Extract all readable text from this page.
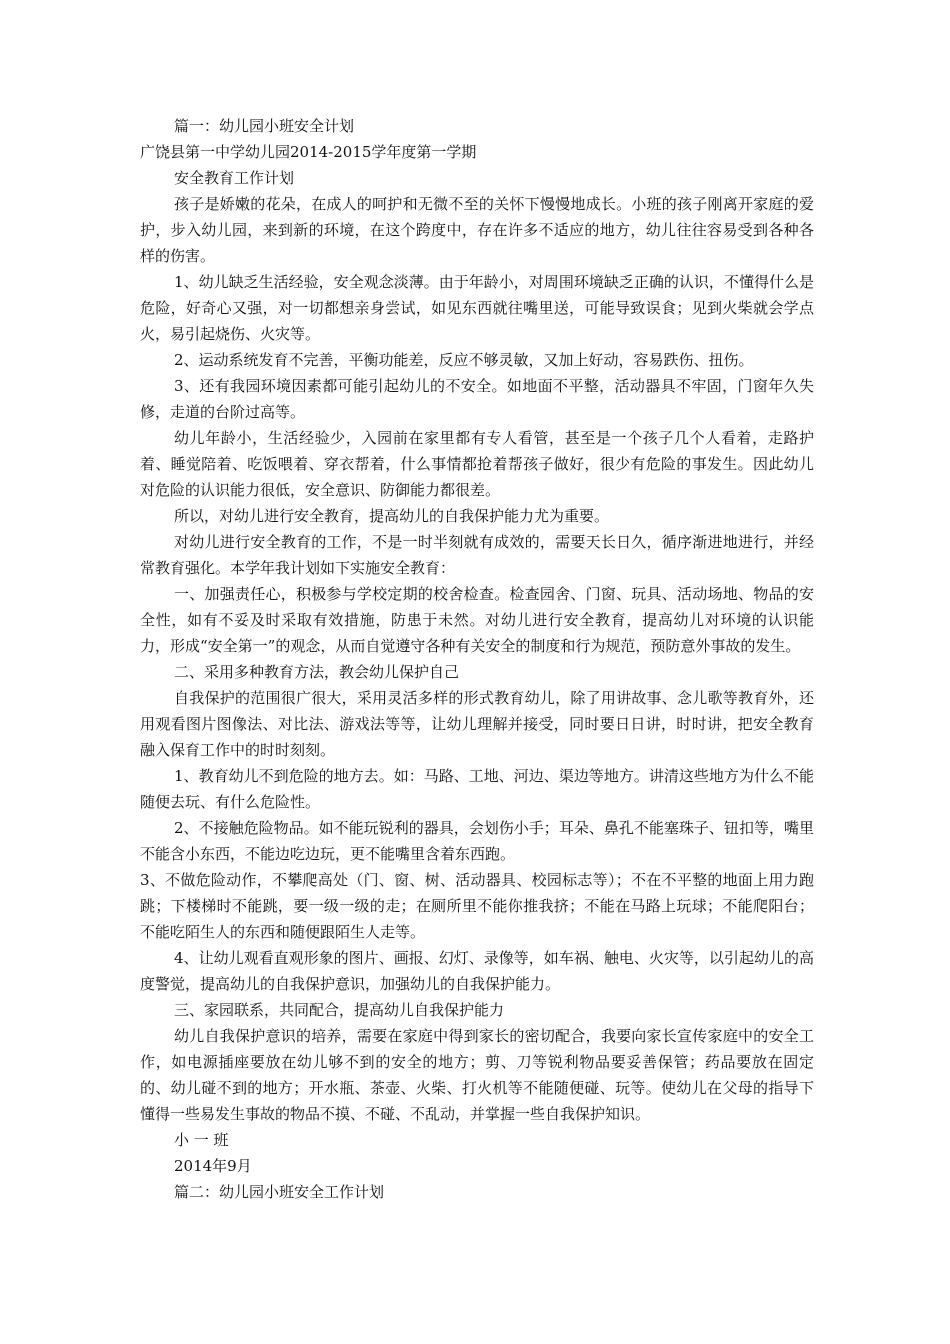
篇一：幼儿园小班安全计划

广饶县第一中学幼儿园2014-2015学年度第一学期

安全教育工作计划

孩子是娇嫩的花朵，在成人的呵护和无微不至的关怀下慢慢地成长。小班的孩子刚离开家庭的爱护，步入幼儿园，来到新的环境，在这个跨度中，存在许多不适应的地方，幼儿往往容易受到各种各样的伤害。

1、幼儿缺乏生活经验，安全观念淡薄。由于年龄小，对周围环境缺乏正确的认识，不懂得什么是危险，好奇心又强，对一切都想亲身尝试，如见东西就往嘴里送，可能导致误食；见到火柴就会学点火，易引起烧伤、火灾等。

2、运动系统发育不完善，平衡功能差，反应不够灵敏，又加上好动，容易跌伤、扭伤。

3、还有我园环境因素都可能引起幼儿的不安全。如地面不平整，活动器具不牢固，门窗年久失修，走道的台阶过高等。

幼儿年龄小，生活经验少，入园前在家里都有专人看管，甚至是一个孩子几个人看着，走路护着、睡觉陪着、吃饭喂着、穿衣帮着，什么事情都抢着帮孩子做好，很少有危险的事发生。因此幼儿对危险的认识能力很低，安全意识、防御能力都很差。

所以，对幼儿进行安全教育，提高幼儿的自我保护能力尤为重要。

对幼儿进行安全教育的工作，不是一时半刻就有成效的，需要天长日久，循序渐进地进行，并经常教育强化。本学年我计划如下实施安全教育：

一、加强责任心，积极参与学校定期的校舍检查。检查园舍、门窗、玩具、活动场地、物品的安全性，如有不妥及时采取有效措施，防患于未然。对幼儿进行安全教育，提高幼儿对环境的认识能力，形成“安全第一”的观念，从而自觉遵守各种有关安全的制度和行为规范，预防意外事故的发生。

二、采用多种教育方法，教会幼儿保护自己

自我保护的范围很广很大，采用灵活多样的形式教育幼儿，除了用讲故事、念儿歌等教育外，还用观看图片图像法、对比法、游戏法等等，让幼儿理解并接受，同时要日日讲，时时讲，把安全教育融入保育工作中的时时刻刻。

1、教育幼儿不到危险的地方去。如：马路、工地、河边、渠边等地方。讲清这些地方为什么不能随便去玩、有什么危险性。

2、不接触危险物品。如不能玩锐利的器具，会划伤小手；耳朵、鼻孔不能塞珠子、钮扣等，嘴里不能含小东西，不能边吃边玩，更不能嘴里含着东西跑。

3、不做危险动作，不攀爬高处（门、窗、树、活动器具、校园标志等）；不在不平整的地面上用力跑跳；下楼梯时不能跳，要一级一级的走；在厕所里不能你推我挤；不能在马路上玩球；不能爬阳台；不能吃陌生人的东西和随便跟陌生人走等。

4、让幼儿观看直观形象的图片、画报、幻灯、录像等，如车祸、触电、火灾等，以引起幼儿的高度警觉，提高幼儿的自我保护意识，加强幼儿的自我保护能力。

三、家园联系，共同配合，提高幼儿自我保护能力

幼儿自我保护意识的培养，需要在家庭中得到家长的密切配合，我要向家长宣传家庭中的安全工作，如电源插座要放在幼儿够不到的安全的地方；剪、刀等锐利物品要妥善保管；药品要放在固定的、幼儿碰不到的地方；开水瓶、茶壶、火柴、打火机等不能随便碰、玩等。使幼儿在父母的指导下懂得一些易发生事故的物品不摸、不碰、不乱动，并掌握一些自我保护知识。

小 一 班

2014年9月

篇二：幼儿园小班安全工作计划
